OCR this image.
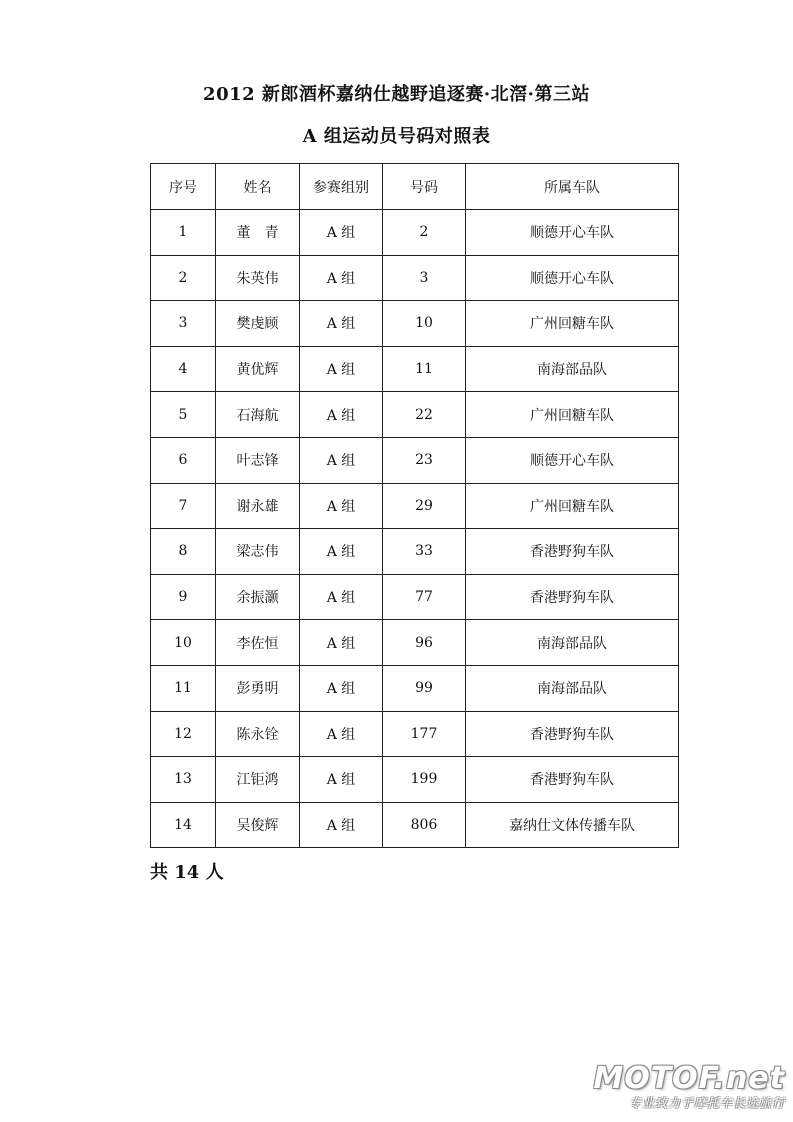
2012 新郎酒杯嘉纳仕越野追逐赛·北滘·第三站
A 组运动员号码对照表
序号	姓名	参赛组别	号码	所属车队
1	董　青	A 组	2	顺德开心车队
2	朱英伟	A 组	3	顺德开心车队
3	樊虔顾	A 组	10	广州回糖车队
4	黄优辉	A 组	11	南海部品队
5	石海航	A 组	22	广州回糖车队
6	叶志锋	A 组	23	顺德开心车队
7	谢永雄	A 组	29	广州回糖车队
8	梁志伟	A 组	33	香港野狗车队
9	余振灏	A 组	77	香港野狗车队
10	李佐恒	A 组	96	南海部品队
11	彭勇明	A 组	99	南海部品队
12	陈永铨	A 组	177	香港野狗车队
13	江钜鸿	A 组	199	香港野狗车队
14	吴俊辉	A 组	806	嘉纳仕文体传播车队
共 14 人
MOTOF.net
专业致力于摩托车长途旅行
